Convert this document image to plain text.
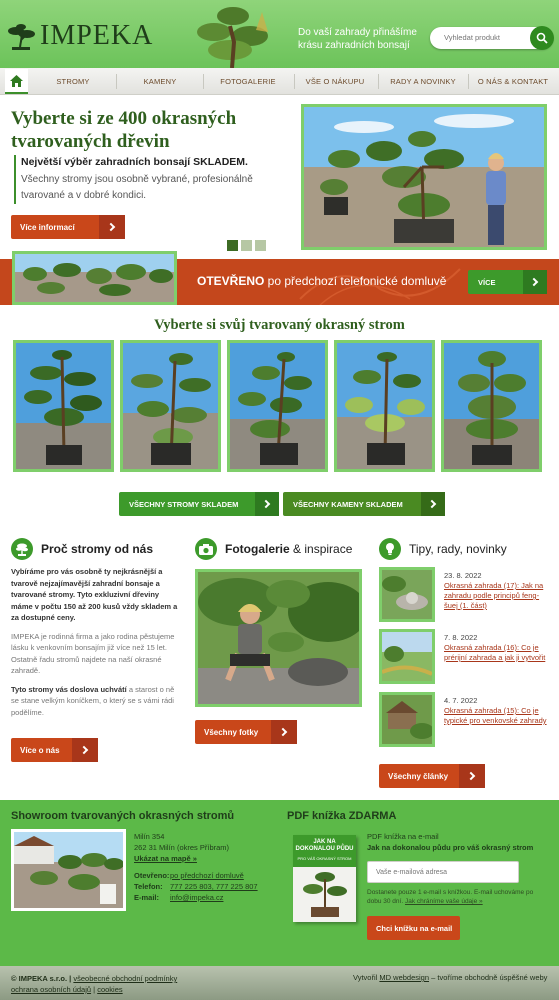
IMPEKA	Do vaší zahrady přinášíme
krásu zahradních bonsají
Vyhledat produkt
STROMY	KAMENY	FOTOGALERIE	VŠE O NÁKUPU	RADY A NOVINKY	O NÁS & KONTAKT
Vyberte si ze 400 okrasných tvarovaných dřevin
Největší výběr zahradních bonsají SKLADEM.
Všechny stromy jsou osobně vybrané, profesionálně tvarované a v dobré kondici.
Více informací
OTEVŘENO po předchozí telefonické domluvě	VÍCE
Vyberte si svůj tvarovaný okrasný strom
VŠECHNY STROMY SKLADEM	VŠECHNY KAMENY SKLADEM
Proč stromy od nás

Vybíráme pro vás osobně ty nejkrásnější a tvarově nejzajímavější zahradní bonsaje a tvarované stromy. Tyto exkluzivní dřeviny máme v počtu 150 až 200 kusů vždy skladem a za dostupné ceny.

IMPEKA je rodinná firma a jako rodina pěstujeme lásku k venkovním bonsajím již více než 15 let. Ostatně řadu stromů najdete na naší okrasné zahradě.

Tyto stromy vás doslova uchvátí a starost o ně se stane velkým koníčkem, o který se s vámi rádi podělíme.

Více o nás
Fotogalerie & inspirace
Všechny fotky
Tipy, rady, novinky
23. 8. 2022
Okrasná zahrada (17): Jak na zahradu podle principů feng-šuej (1. část)
7. 8. 2022
Okrasná zahrada (16): Co je prérijní zahrada a jak ji vytvořit
4. 7. 2022
Okrasná zahrada (15): Co je typické pro venkovské zahrady
Všechny články
Showroom tvarovaných okrasných stromů
Milín 354
262 31 Milín (okres Příbram)
Ukázat na mapě »
Otevřeno: po předchozí domluvě
Telefon: 777 225 803, 777 225 807
E-mail:	info@impeka.cz
PDF knížka ZDARMA
JAK NA DOKONALOU PŮDU
PRO VÁŠ OKRASNÝ STROM
PDF knížka na e-mail
Jak na dokonalou půdu pro váš okrasný strom
Vaše e-mailová adresa
Dostanete pouze 1 e-mail s knížkou. E-mail uchováme po dobu 30 dní. Jak chráníme vaše údaje »
Chci knížku na e-mail
© IMPEKA s.r.o. | všeobecné obchodní podmínky
ochrana osobních údajů | cookies
Vytvořil MD webdesign – tvoříme obchodně úspěšné weby
